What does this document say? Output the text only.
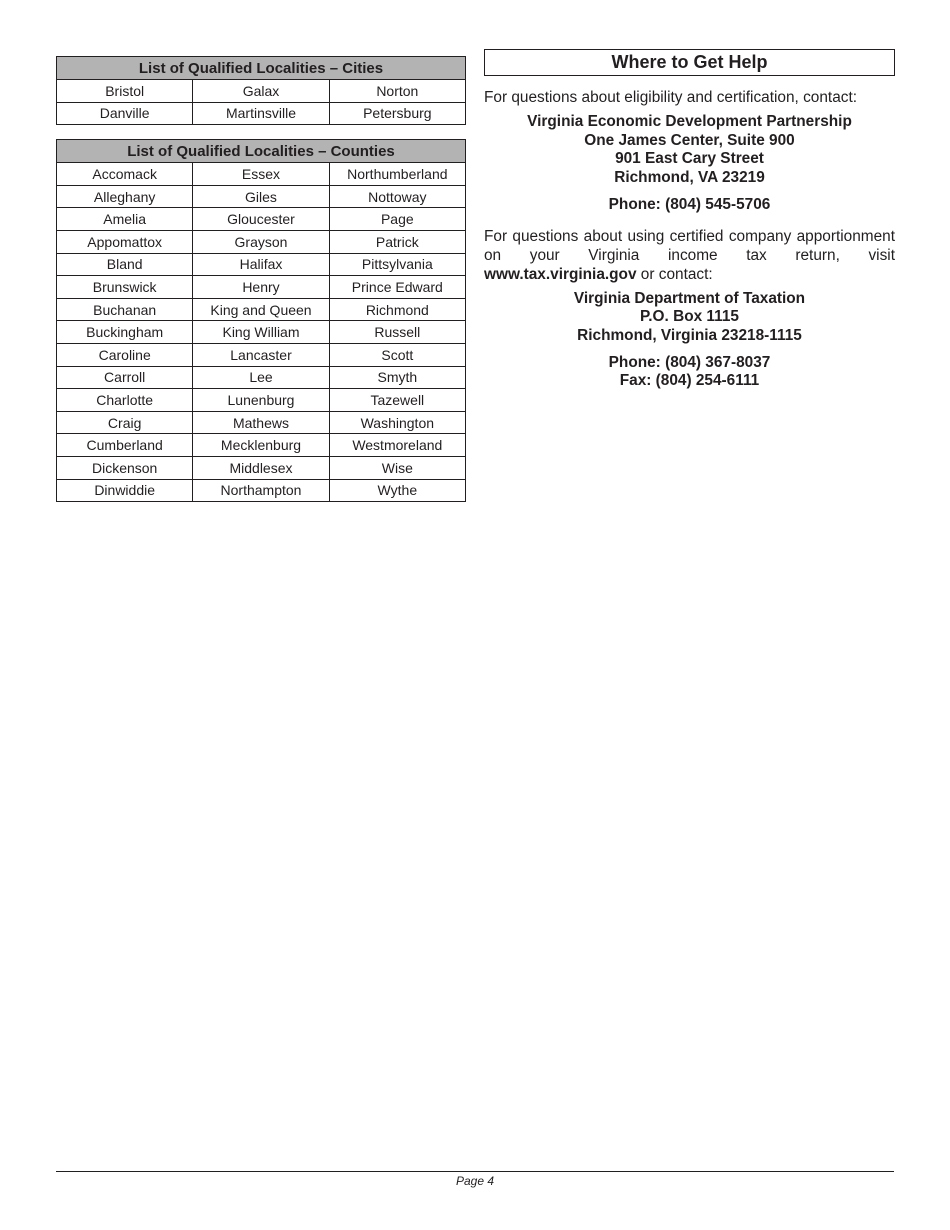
List of Qualified Localities – Cities		
Bristol	Galax	Norton
Danville	Martinsville	Petersburg
List of Qualified Localities – Counties		
Accomack	Essex	Northumberland
Alleghany	Giles	Nottoway
Amelia	Gloucester	Page
Appomattox	Grayson	Patrick
Bland	Halifax	Pittsylvania
Brunswick	Henry	Prince Edward
Buchanan	King and Queen	Richmond
Buckingham	King William	Russell
Caroline	Lancaster	Scott
Carroll	Lee	Smyth
Charlotte	Lunenburg	Tazewell
Craig	Mathews	Washington
Cumberland	Mecklenburg	Westmoreland
Dickenson	Middlesex	Wise
Dinwiddie	Northampton	Wythe
Where to Get Help

For questions about eligibility and certification, contact:

Virginia Economic Development Partnership
One James Center, Suite 900
901 East Cary Street
Richmond, VA 23219
Phone: (804) 545-5706

For questions about using certified company apportionment on your Virginia income tax return, visit www.tax.virginia.gov or contact:

Virginia Department of Taxation
P.O. Box 1115
Richmond, Virginia 23218-1115
Phone: (804) 367-8037
Fax: (804) 254-6111
Page 4
